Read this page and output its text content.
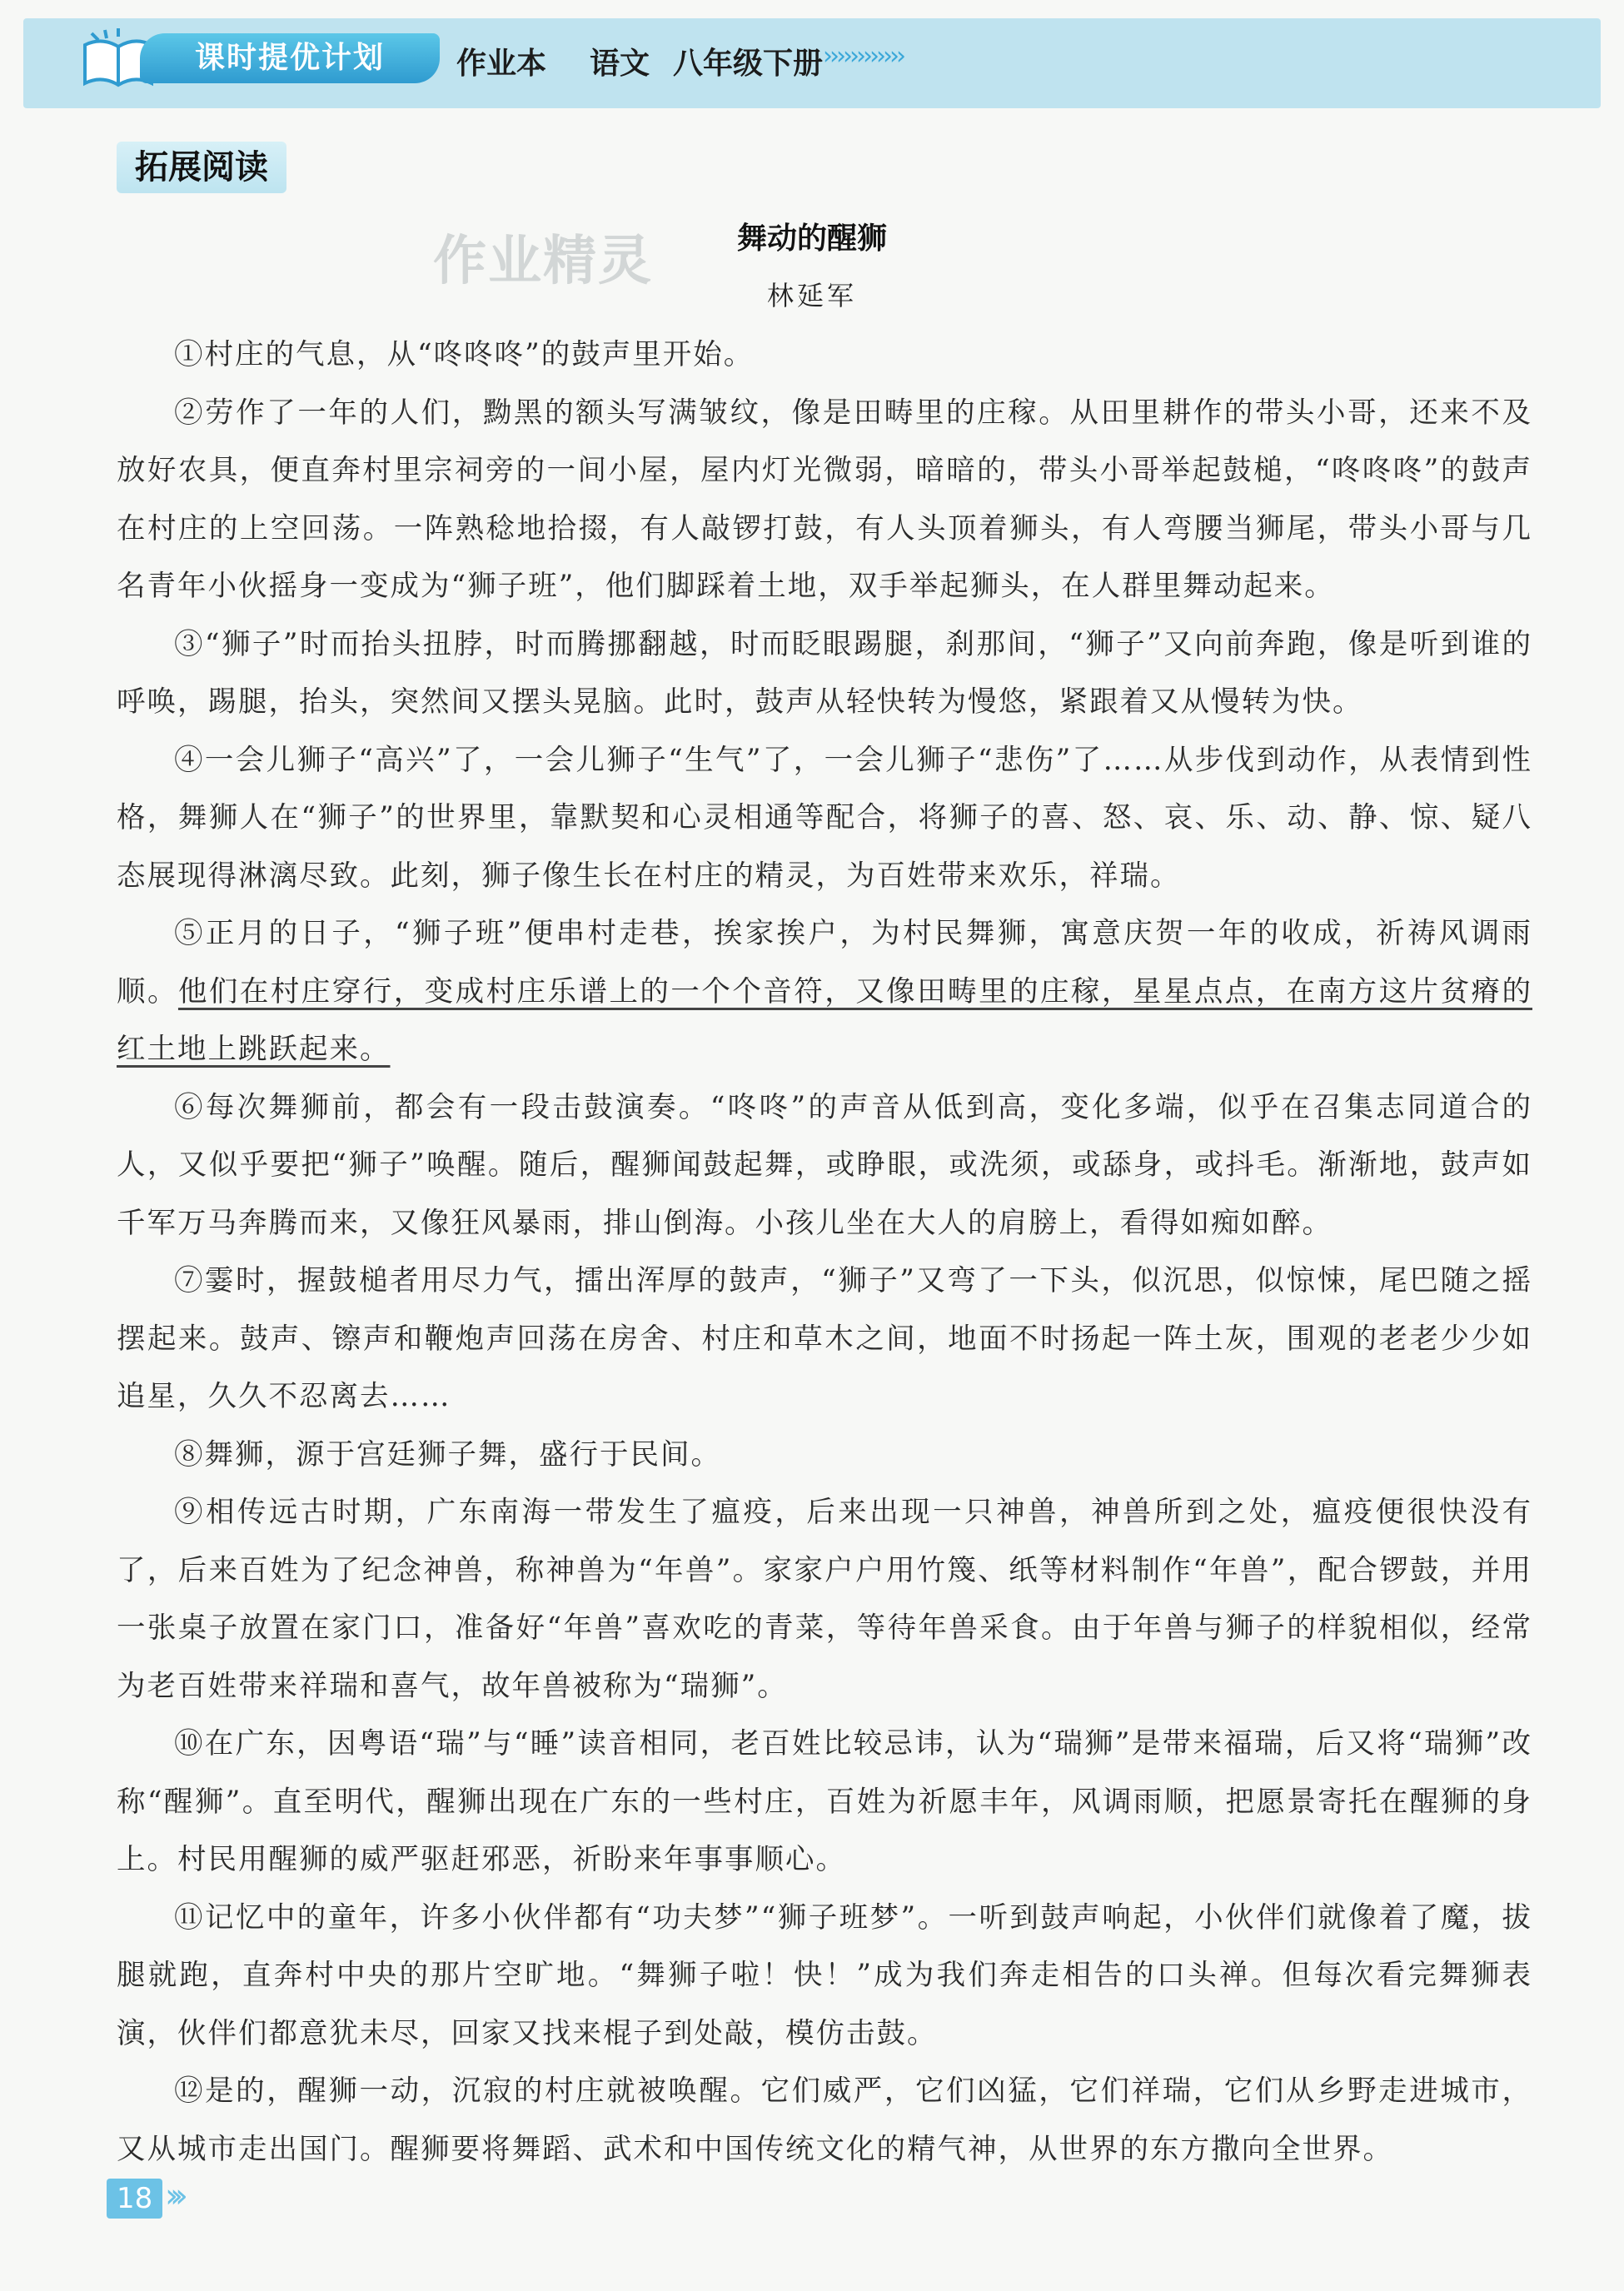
课时提优计划	作业本 语文 八年级下册 ››››››››››››
拓展阅读
作业精灵	舞动的醒狮
林延军

①村庄的气息，从“咚咚咚”的鼓声里开始。

②劳作了一年的人们，黝黑的额头写满皱纹，像是田畴里的庄稼。从田里耕作的带头小哥，还来不及放好农具，便直奔村里宗祠旁的一间小屋，屋内灯光微弱，暗暗的，带头小哥举起鼓槌，“咚咚咚”的鼓声在村庄的上空回荡。一阵熟稔地拾掇，有人敲锣打鼓，有人头顶着狮头，有人弯腰当狮尾，带头小哥与几名青年小伙摇身一变成为“狮子班”，他们脚踩着土地，双手举起狮头，在人群里舞动起来。

③“狮子”时而抬头扭脖，时而腾挪翻越，时而眨眼踢腿，刹那间，“狮子”又向前奔跑，像是听到谁的呼唤，踢腿，抬头，突然间又摆头晃脑。此时，鼓声从轻快转为慢悠，紧跟着又从慢转为快。

④一会儿狮子“高兴”了，一会儿狮子“生气”了，一会儿狮子“悲伤”了……从步伐到动作，从表情到性格，舞狮人在“狮子”的世界里，靠默契和心灵相通等配合，将狮子的喜、怒、哀、乐、动、静、惊、疑八态展现得淋漓尽致。此刻，狮子像生长在村庄的精灵，为百姓带来欢乐，祥瑞。

⑤正月的日子，“狮子班”便串村走巷，挨家挨户，为村民舞狮，寓意庆贺一年的收成，祈祷风调雨顺。他们在村庄穿行，变成村庄乐谱上的一个个音符，又像田畴里的庄稼，星星点点，在南方这片贫瘠的红土地上跳跃起来。

⑥每次舞狮前，都会有一段击鼓演奏。“咚咚”的声音从低到高，变化多端，似乎在召集志同道合的人，又似乎要把“狮子”唤醒。随后，醒狮闻鼓起舞，或睁眼，或洗须，或舔身，或抖毛。渐渐地，鼓声如千军万马奔腾而来，又像狂风暴雨，排山倒海。小孩儿坐在大人的肩膀上，看得如痴如醉。

⑦霎时，握鼓槌者用尽力气，擂出浑厚的鼓声，“狮子”又弯了一下头，似沉思，似惊悚，尾巴随之摇摆起来。鼓声、镲声和鞭炮声回荡在房舍、村庄和草木之间，地面不时扬起一阵土灰，围观的老老少少如追星，久久不忍离去……

⑧舞狮，源于宫廷狮子舞，盛行于民间。

⑨相传远古时期，广东南海一带发生了瘟疫，后来出现一只神兽，神兽所到之处，瘟疫便很快没有了，后来百姓为了纪念神兽，称神兽为“年兽”。家家户户用竹篾、纸等材料制作“年兽”，配合锣鼓，并用一张桌子放置在家门口，准备好“年兽”喜欢吃的青菜，等待年兽采食。由于年兽与狮子的样貌相似，经常为老百姓带来祥瑞和喜气，故年兽被称为“瑞狮”。

⑩在广东，因粤语“瑞”与“睡”读音相同，老百姓比较忌讳，认为“瑞狮”是带来福瑞，后又将“瑞狮”改称“醒狮”。直至明代，醒狮出现在广东的一些村庄，百姓为祈愿丰年，风调雨顺，把愿景寄托在醒狮的身上。村民用醒狮的威严驱赶邪恶，祈盼来年事事顺心。

⑪记忆中的童年，许多小伙伴都有“功夫梦”“狮子班梦”。一听到鼓声响起，小伙伴们就像着了魔，拔腿就跑，直奔村中央的那片空旷地。“舞狮子啦！快！”成为我们奔走相告的口头禅。但每次看完舞狮表演，伙伴们都意犹未尽，回家又找来棍子到处敲，模仿击鼓。

⑫是的，醒狮一动，沉寂的村庄就被唤醒。它们威严，它们凶猛，它们祥瑞，它们从乡野走进城市，又从城市走出国门。醒狮要将舞蹈、武术和中国传统文化的精气神，从世界的东方撒向全世界。

18 ›››
